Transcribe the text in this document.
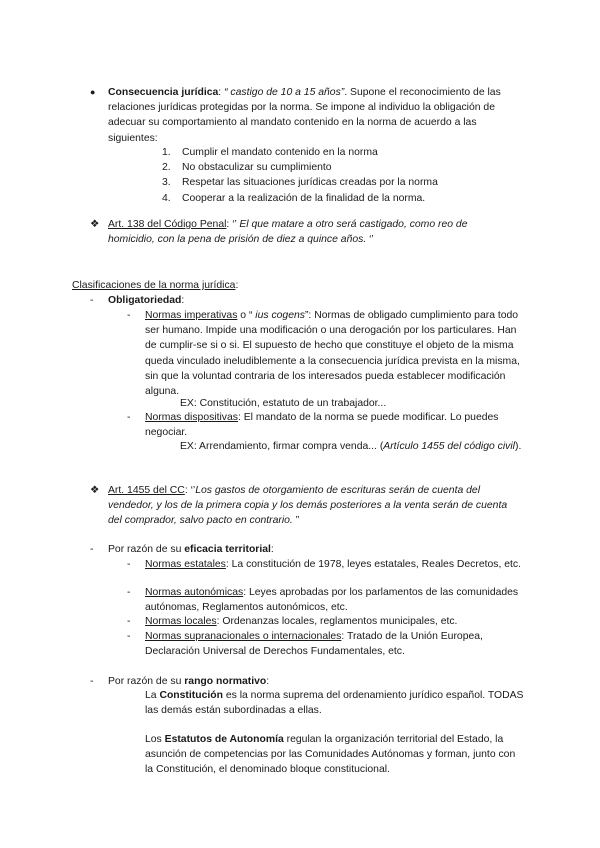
● Consecuencia jurídica: “ castigo de 10 a 15 años”. Supone el reconocimiento de las relaciones jurídicas protegidas por la norma. Se impone al individuo la obligación de adecuar su comportamiento al mandato contenido en la norma de acuerdo a las siguientes:
1. Cumplir el mandato contenido en la norma
2. No obstaculizar su cumplimiento
3. Respetar las situaciones jurídicas creadas por la norma
4. Cooperar a la realización de la finalidad de la norma.
❖ Art. 138 del Código Penal: ‘’ El que matare a otro será castigado, como reo de homicidio, con la pena de prisión de diez a quince años. ‘’
Clasificaciones de la norma jurídica:
- Obligatoriedad:
- Normas imperativas o “ ius cogens”: Normas de obligado cumplimiento para todo ser humano. Impide una modificación o una derogación por los particulares. Han de cumplir-se si o si. El supuesto de hecho que constituye el objeto de la misma queda vinculado ineludiblemente a la consecuencia jurídica prevista en la misma, sin que la voluntad contraria de los interesados pueda establecer modificación alguna.
EX: Constitución, estatuto de un trabajador...
- Normas dispositivas: El mandato de la norma se puede modificar. Lo puedes negociar.
EX: Arrendamiento, firmar compra venda... (Artículo 1455 del código civil).
❖ Art. 1455 del CC: ‘’Los gastos de otorgamiento de escrituras serán de cuenta del vendedor, y los de la primera copia y los demás posteriores a la venta serán de cuenta del comprador, salvo pacto en contrario. ”
- Por razón de su eficacia territorial:
- Normas estatales: La constitución de 1978, leyes estatales, Reales Decretos, etc.
- Normas autonómicas: Leyes aprobadas por los parlamentos de las comunidades autónomas, Reglamentos autonómicos, etc.
- Normas locales: Ordenanzas locales, reglamentos municipales, etc.
- Normas supranacionales o internacionales: Tratado de la Unión Europea, Declaración Universal de Derechos Fundamentales, etc.
- Por razón de su rango normativo:
La Constitución es la norma suprema del ordenamiento jurídico español. TODAS las demás están subordinadas a ellas.
Los Estatutos de Autonomía regulan la organización territorial del Estado, la asunción de competencias por las Comunidades Autónomas y forman, junto con la Constitución, el denominado bloque constitucional.
